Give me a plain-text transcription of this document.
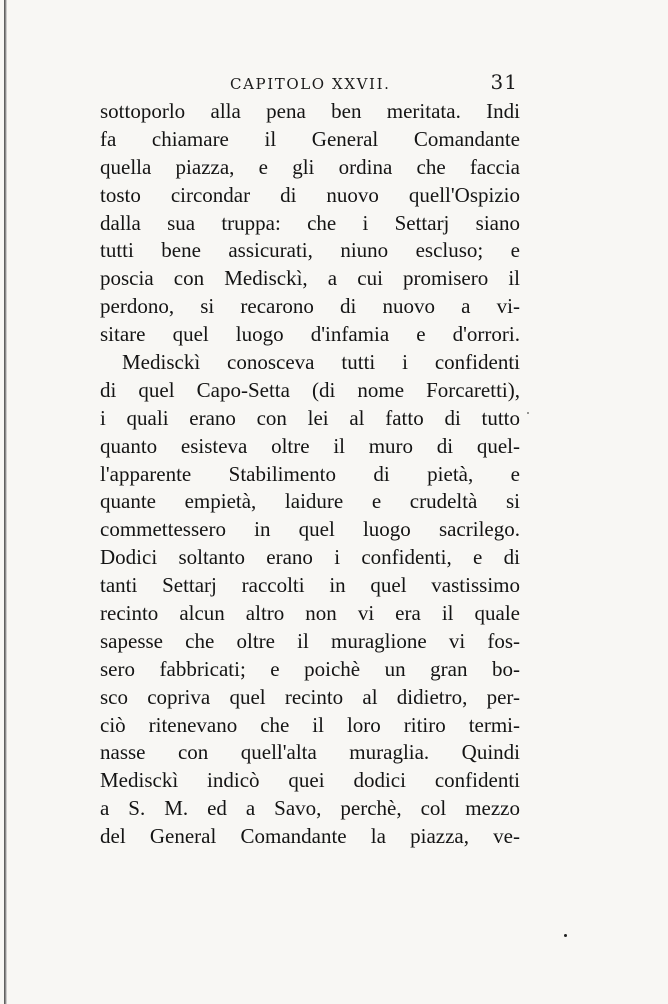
CAPITOLO XXVII.	31
sottoporlo alla pena ben meritata. Indi
fa chiamare il General Comandante
quella piazza, e gli ordina che faccia
tosto circondar di nuovo quell'Ospizio
dalla sua truppa: che i Settarj siano
tutti bene assicurati, niuno escluso; e
poscia con Medisckì, a cui promisero il
perdono, si recarono di nuovo a vi-
sitare quel luogo d'infamia e d'orrori.
Medisckì conosceva tutti i confidenti
di quel Capo-Setta (di nome Forcaretti),
i quali erano con lei al fatto di tutto
quanto esisteva oltre il muro di quel-
l'apparente Stabilimento di pietà, e
quante empietà, laidure e crudeltà si
commettessero in quel luogo sacrilego.
Dodici soltanto erano i confidenti, e di
tanti Settarj raccolti in quel vastissimo
recinto alcun altro non vi era il quale
sapesse che oltre il muraglione vi fos-
sero fabbricati; e poichè un gran bo-
sco copriva quel recinto al didietro, per-
ciò ritenevano che il loro ritiro termi-
nasse con quell'alta muraglia. Quindi
Medisckì indicò quei dodici confidenti
a S. M. ed a Savo, perchè, col mezzo
del General Comandante la piazza, ve-
